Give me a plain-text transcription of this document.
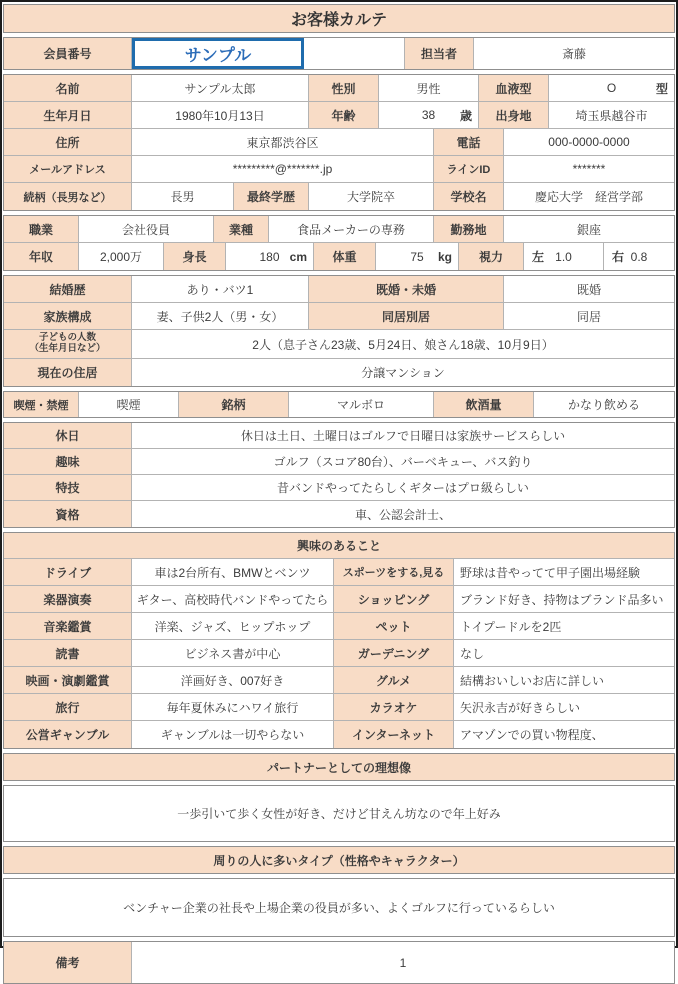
お客様カルテ
会員番号	サンプル	担当者	斎藤
名前	サンプル太郎	性別	男性	血液型	O	型
生年月日	1980年10月13日	年齢	38 歳	出身地	埼玉県越谷市
住所	東京都渋谷区	電話	000-0000-0000
メールアドレス	*********@*******.jp	ラインID	*******
続柄（長男など）	長男	最終学歴	大学院卒	学校名	慶応大学　経営学部
職業	会社役員	業種	食品メーカーの専務	勤務地	銀座
年収	2,000万	身長	180 cm	体重	75 kg	視力	左 1.0	右 0.8
結婚歴	あり・バツ1	既婚・未婚	既婚
家族構成	妻、子供2人（男・女）	同居別居	同居
子どもの人数
（生年月日など）	2人（息子さん23歳、5月24日、娘さん18歳、10月9日）
現在の住居	分譲マンション
喫煙・禁煙	喫煙	銘柄	マルボロ	飲酒量	かなり飲める
休日	休日は土日、土曜日はゴルフで日曜日は家族サービスらしい
趣味	ゴルフ（スコア80台）、バーベキュー、バス釣り
特技	昔バンドやってたらしくギターはプロ級らしい
資格	車、公認会計士、
興味のあること
ドライブ	車は2台所有、BMWとベンツ	スポーツをする,見る	野球は昔やってて甲子園出場経験
楽器演奏	ギター、高校時代バンドやってたら	ショッピング	ブランド好き、持物はブランド品多い
音楽鑑賞	洋楽、ジャズ、ヒップホップ	ペット	トイプードルを2匹
読書	ビジネス書が中心	ガーデニング	なし
映画・演劇鑑賞	洋画好き、007好き	グルメ	結構おいしいお店に詳しい
旅行	毎年夏休みにハワイ旅行	カラオケ	矢沢永吉が好きらしい
公営ギャンブル	ギャンブルは一切やらない	インターネット	アマゾンでの買い物程度、
パートナーとしての理想像
一歩引いて歩く女性が好き、だけど甘えん坊なので年上好み
周りの人に多いタイプ（性格やキャラクター）
ベンチャー企業の社長や上場企業の役員が多い、よくゴルフに行っているらしい
備考	1
